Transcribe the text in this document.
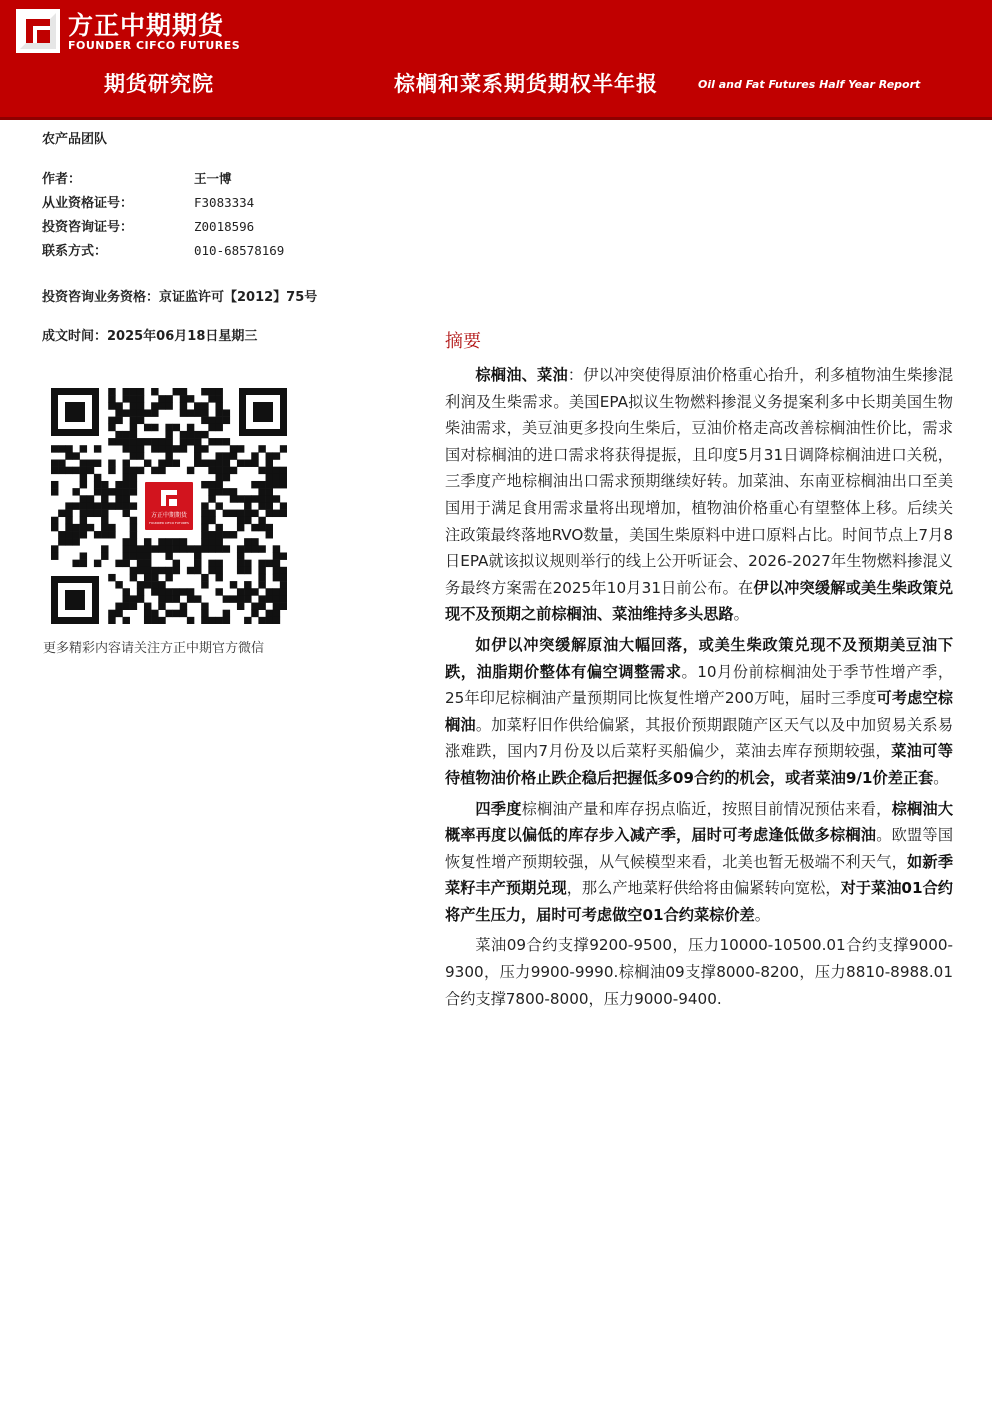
方正中期期货
FOUNDER CIFCO FUTURES
期货研究院	棕榈和菜系期货期权半年报	Oil and Fat Futures Half Year Report
农产品团队
作者：	王一博
从业资格证号：	F3083334
投资咨询证号：	Z0018596
联系方式：	010-68578169
投资咨询业务资格：京证监许可【2012】75号
成文时间：2025年06月18日星期三
方正中期期货
FOUNDER CIFCO FUTURES
更多精彩内容请关注方正中期官方微信
摘要

棕榈油、菜油：伊以冲突使得原油价格重心抬升，利多植物油生柴掺混利润及生柴需求。美国EPA拟议生物燃料掺混义务提案利多中长期美国生物柴油需求，美豆油更多投向生柴后，豆油价格走高改善棕榈油性价比，需求国对棕榈油的进口需求将获得提振，且印度5月31日调降棕榈油进口关税，三季度产地棕榈油出口需求预期继续好转。加菜油、东南亚棕榈油出口至美国用于满足食用需求量将出现增加，植物油价格重心有望整体上移。后续关注政策最终落地RVO数量，美国生柴原料中进口原料占比。时间节点上7月8日EPA就该拟议规则举行的线上公开听证会、2026-2027年生物燃料掺混义务最终方案需在2025年10月31日前公布。在伊以冲突缓解或美生柴政策兑现不及预期之前棕榈油、菜油维持多头思路。

如伊以冲突缓解原油大幅回落，或美生柴政策兑现不及预期美豆油下跌，油脂期价整体有偏空调整需求。10月份前棕榈油处于季节性增产季，25年印尼棕榈油产量预期同比恢复性增产200万吨，届时三季度可考虑空棕榈油。加菜籽旧作供给偏紧，其报价预期跟随产区天气以及中加贸易关系易涨难跌，国内7月份及以后菜籽买船偏少，菜油去库存预期较强，菜油可等待植物油价格止跌企稳后把握低多09合约的机会，或者菜油9/1价差正套。

四季度棕榈油产量和库存拐点临近，按照目前情况预估来看，棕榈油大概率再度以偏低的库存步入减产季，届时可考虑逢低做多棕榈油。欧盟等国恢复性增产预期较强，从气候模型来看，北美也暂无极端不利天气，如新季菜籽丰产预期兑现，那么产地菜籽供给将由偏紧转向宽松，对于菜油01合约将产生压力，届时可考虑做空01合约菜棕价差。

菜油09合约支撑9200-9500，压力10000-10500.01合约支撑9000-9300，压力9900-9990.棕榈油09支撑8000-8200，压力8810-8988.01合约支撑7800-8000，压力9000-9400.
